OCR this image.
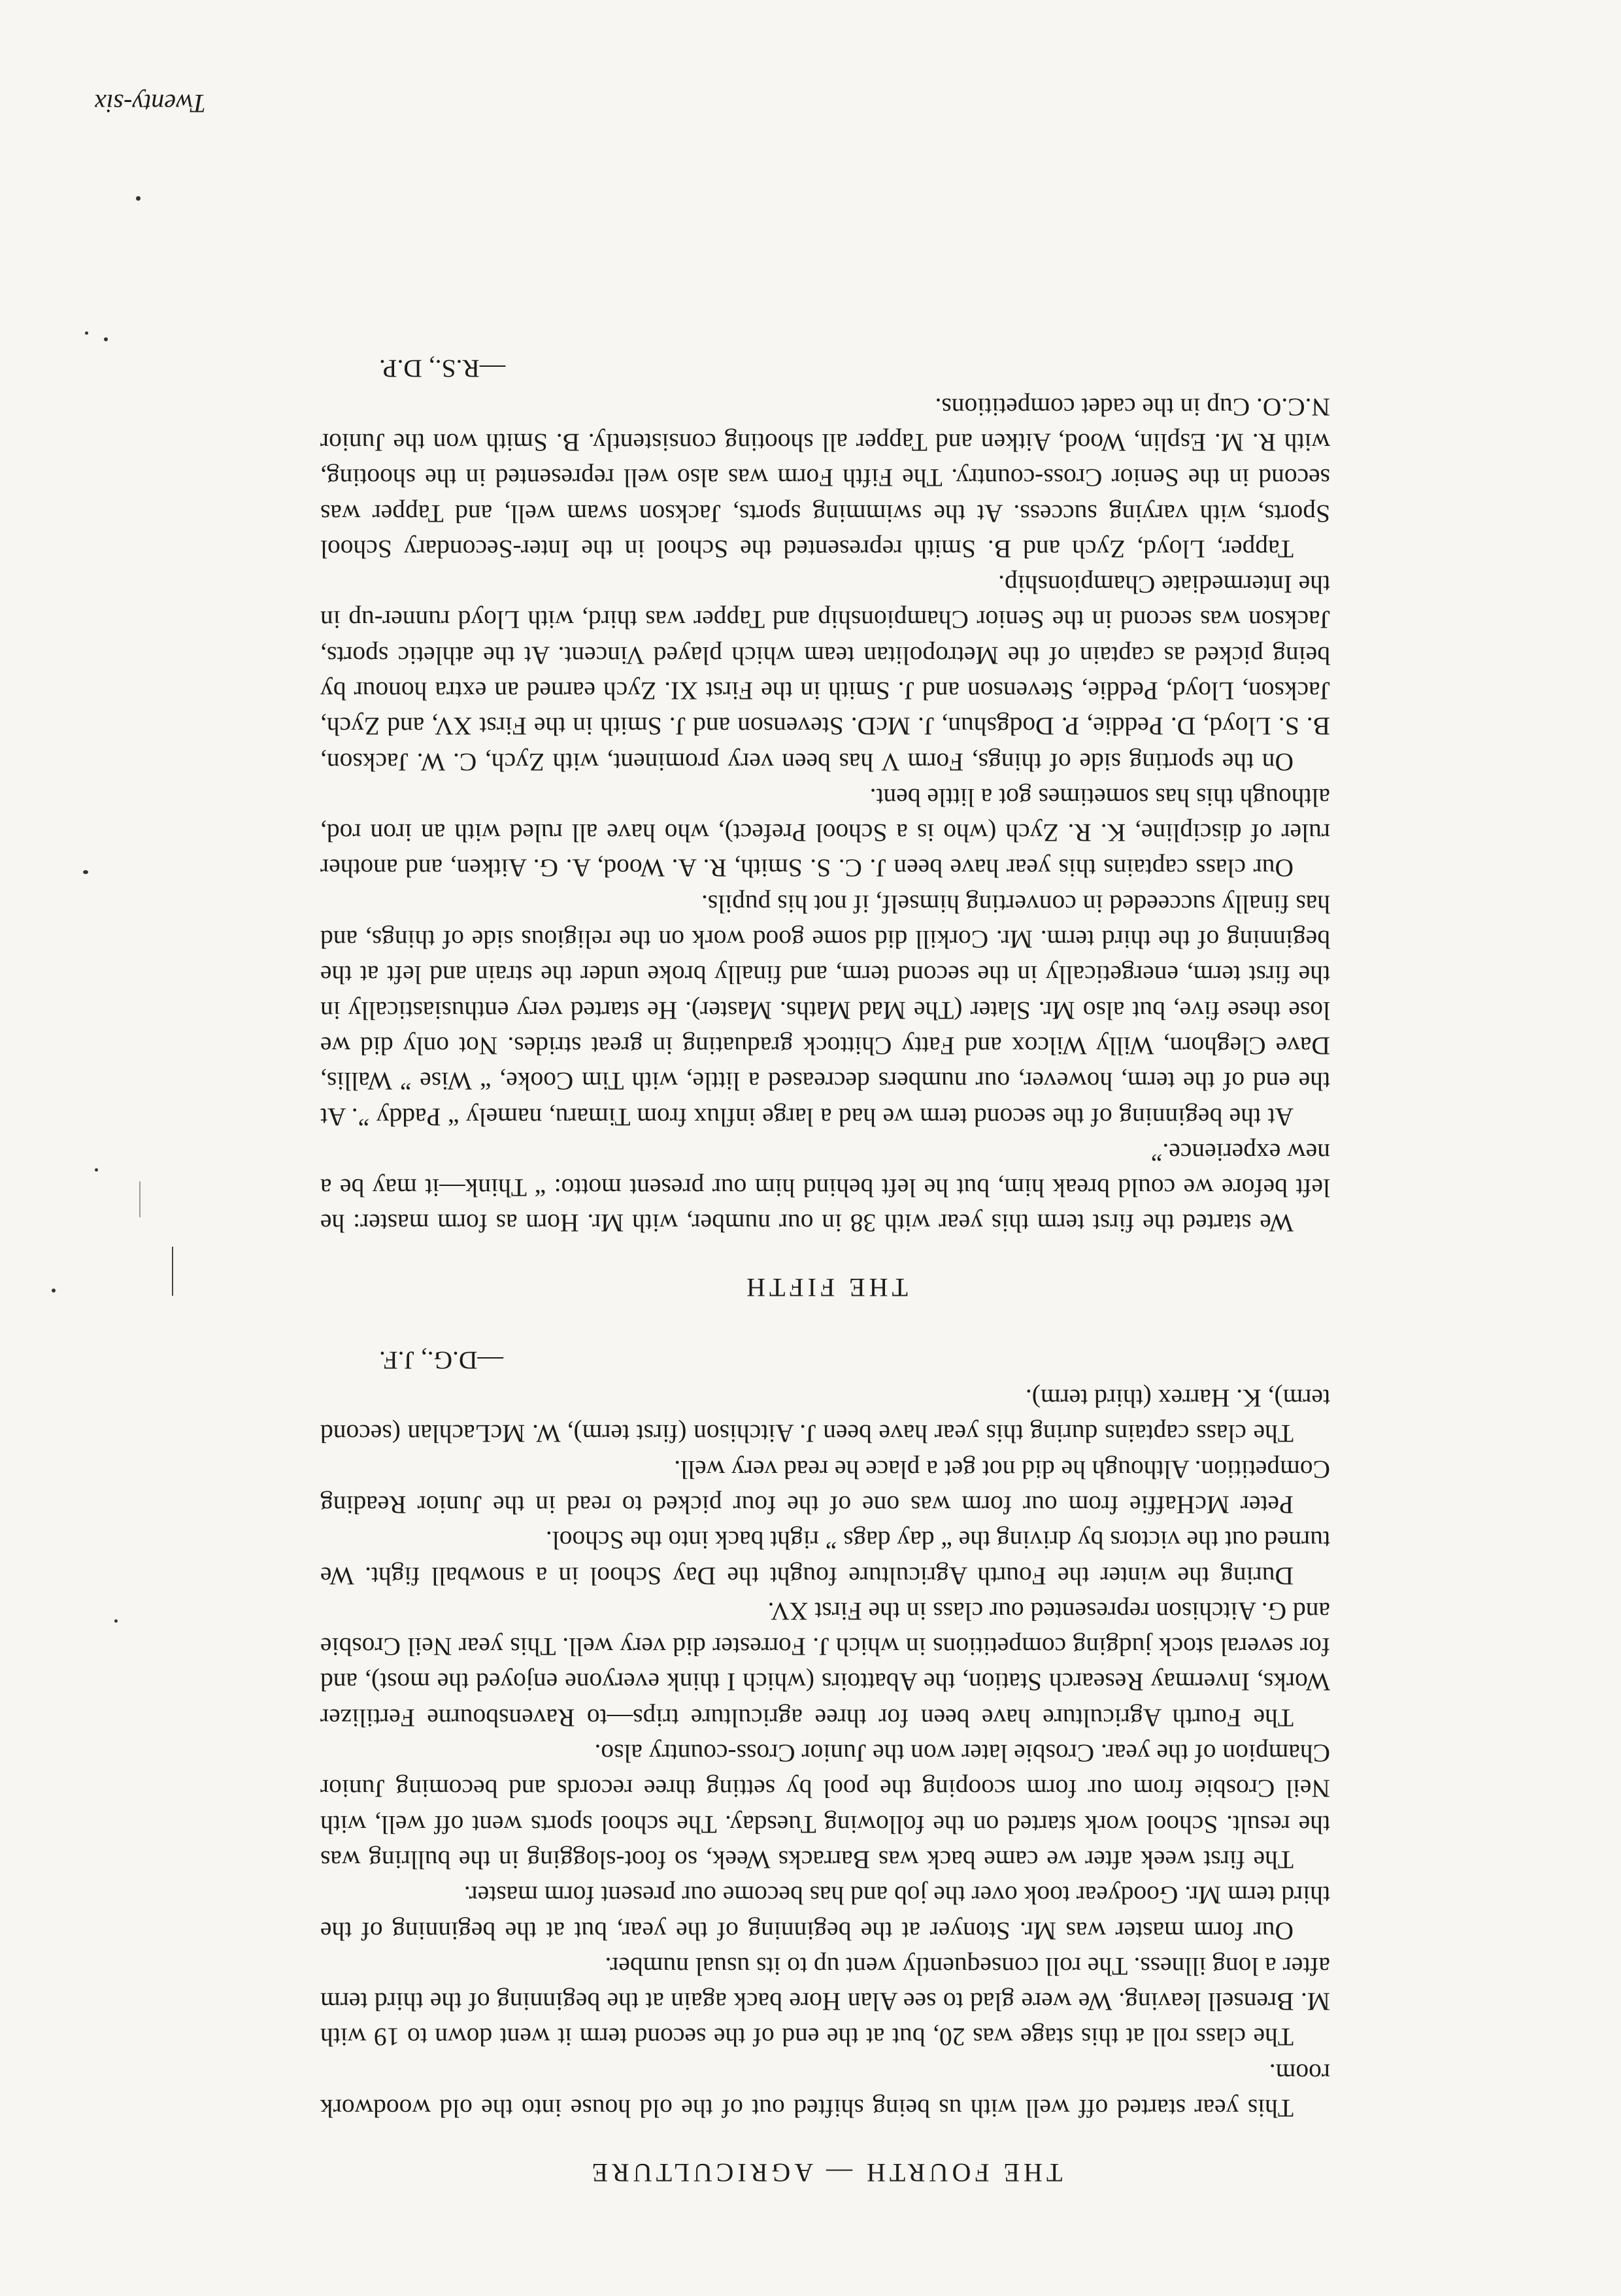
THE FOURTH — AGRICULTURE

This year started off well with us being shifted out of the old house into the old woodwork room.

The class roll at this stage was 20, but at the end of the second term it went down to 19 with M. Brensell leaving. We were glad to see Alan Hore back again at the beginning of the third term after a long illness. The roll consequently went up to its usual number.

Our form master was Mr. Stonyer at the beginning of the year, but at the beginning of the third term Mr. Goodyear took over the job and has become our present form master.

The first week after we came back was Barracks Week, so foot-slogging in the bullring was the result. School work started on the following Tuesday. The school sports went off well, with Neil Crosbie from our form scooping the pool by setting three records and becoming Junior Champion of the year. Crosbie later won the Junior Cross-country also.

The Fourth Agriculture have been for three agriculture trips—to Ravensbourne Fertilizer Works, Invermay Research Station, the Abattoirs (which I think everyone enjoyed the most), and for several stock judging competitions in which J. Forrester did very well. This year Neil Crosbie and G. Aitchison represented our class in the First XV.

During the winter the Fourth Agriculture fought the Day School in a snowball fight. We turned out the victors by driving the “ day dags ” right back into the School.

Peter McHaffie from our form was one of the four picked to read in the Junior Reading Competition. Although he did not get a place he read very well.

The class captains during this year have been J. Aitchison (first term), W. McLachlan (second term), K. Harrex (third term).

—D.G., J.F.
THE FIFTH

We started the first term this year with 38 in our number, with Mr. Horn as form master: he left before we could break him, but he left behind him our present motto: “ Think—it may be a new experience.”

At the beginning of the second term we had a large influx from Timaru, namely “ Paddy ”. At the end of the term, however, our numbers decreased a little, with Tim Cooke, “ Wise ” Wallis, Dave Cleghorn, Willy Wilcox and Fatty Chittock graduating in great strides. Not only did we lose these five, but also Mr. Slater (The Mad Maths. Master). He started very enthusiastically in the first term, energetically in the second term, and finally broke under the strain and left at the beginning of the third term. Mr. Corkill did some good work on the religious side of things, and has finally succeeded in converting himself, if not his pupils.

Our class captains this year have been J. C. S. Smith, R. A. Wood, A. G. Aitken, and another ruler of discipline, K. R. Zych (who is a School Prefect), who have all ruled with an iron rod, although this has sometimes got a little bent.

On the sporting side of things, Form V has been very prominent, with Zych, C. W. Jackson, B. S. Lloyd, D. Peddie, P. Dodgshun, J. McD. Stevenson and J. Smith in the First XV, and Zych, Jackson, Lloyd, Peddie, Stevenson and J. Smith in the First XI. Zych earned an extra honour by being picked as captain of the Metropolitan team which played Vincent. At the athletic sports, Jackson was second in the Senior Championship and Tapper was third, with Lloyd runner-up in the Intermediate Championship.

Tapper, Lloyd, Zych and B. Smith represented the School in the Inter-Secondary School Sports, with varying success. At the swimming sports, Jackson swam well, and Tapper was second in the Senior Cross-country. The Fifth Form was also well represented in the shooting, with R. M. Esplin, Wood, Aitken and Tapper all shooting consistently. B. Smith won the Junior N.C.O. Cup in the cadet competitions.

—R.S., D.P.
Twenty-six
